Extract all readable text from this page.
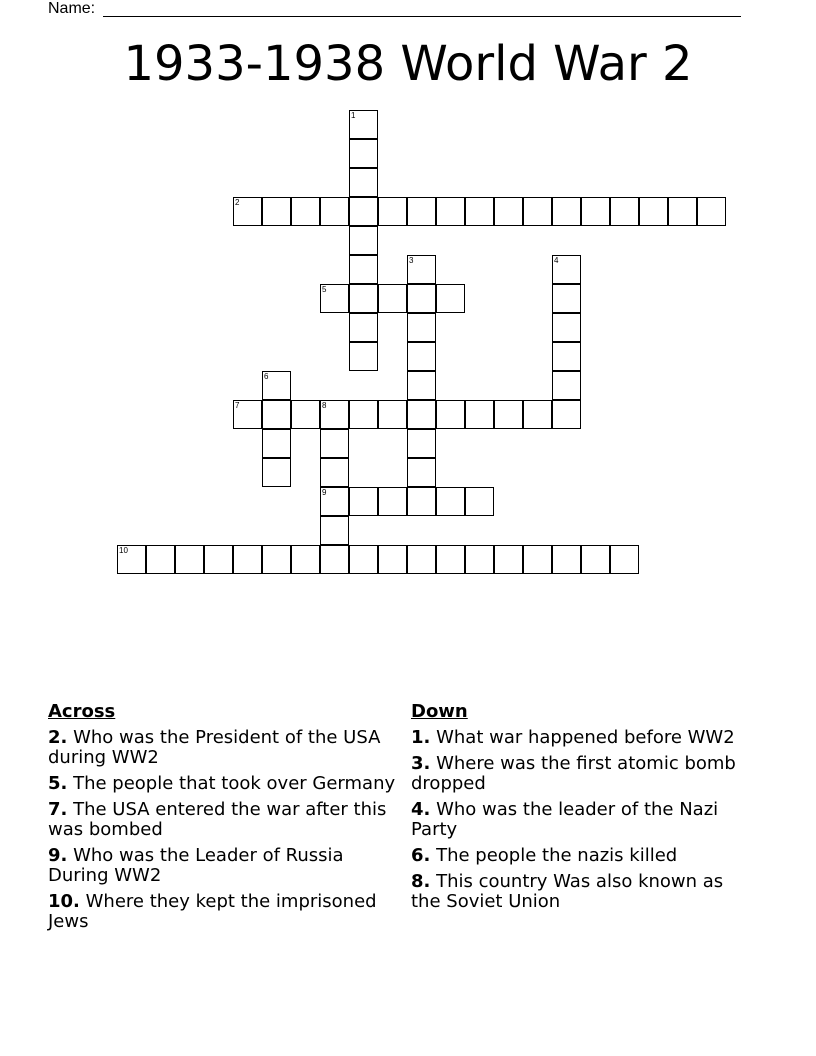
Name:
1933-1938 World War 2
1
2
3	4
5
6
7	8
9
10
Across
2. Who was the President of the USA during WW2
5. The people that took over Germany
7. The USA entered the war after this was bombed
9. Who was the Leader of Russia During WW2
10. Where they kept the imprisoned Jews
Down
1. What war happened before WW2
3. Where was the first atomic bomb dropped
4. Who was the leader of the Nazi Party
6. The people the nazis killed
8. This country Was also known as the Soviet Union
